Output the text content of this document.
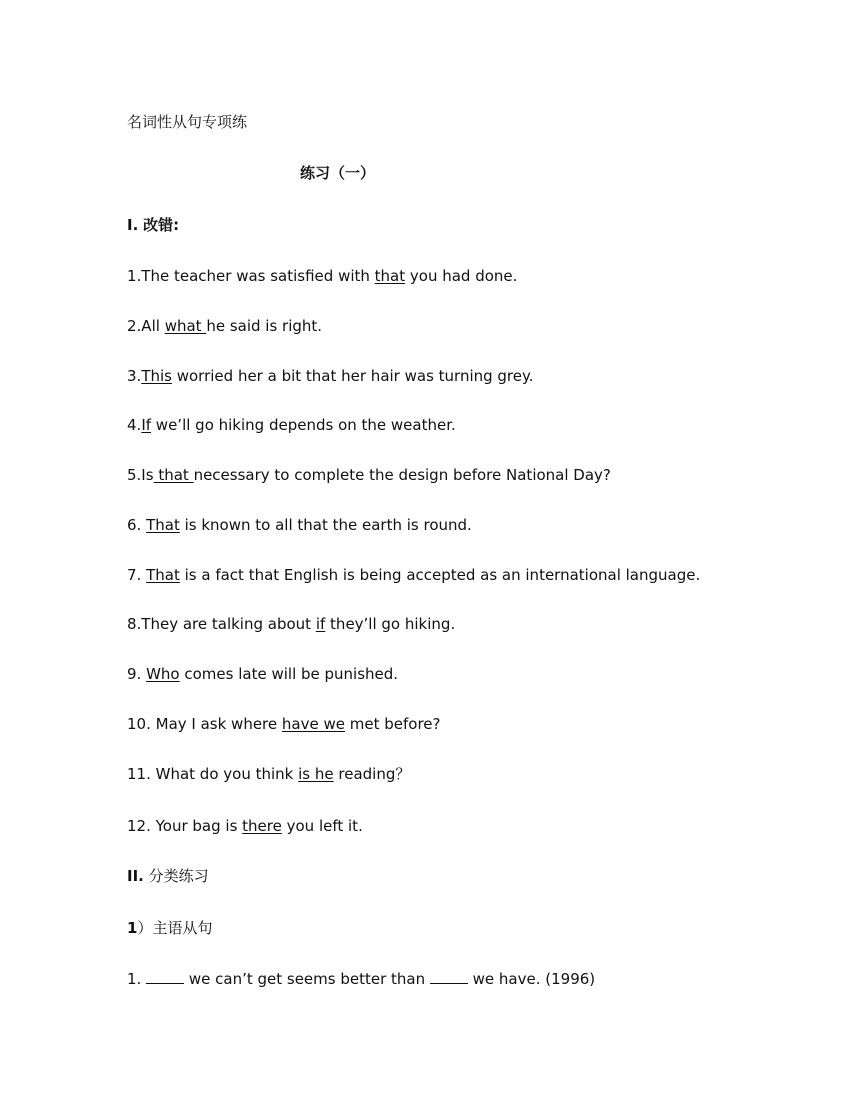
名词性从句专项练
练习（一）
I. 改错:
1.The teacher was satisfied with that you had done.
2.All what he said is right.
3.This worried her a bit that her hair was turning grey.
4.If we’ll go hiking depends on the weather.
5.Is that necessary to complete the design before National Day?
6. That is known to all that the earth is round.
7. That is a fact that English is being accepted as an international language.
8.They are talking about if they’ll go hiking.
9. Who comes late will be punished.
10. May I ask where have we met before?
11. What do you think is he reading？
12. Your bag is there you left it.
II. 分类练习
1）主语从句
1.	we can’t get seems better than	we have. (1996)
